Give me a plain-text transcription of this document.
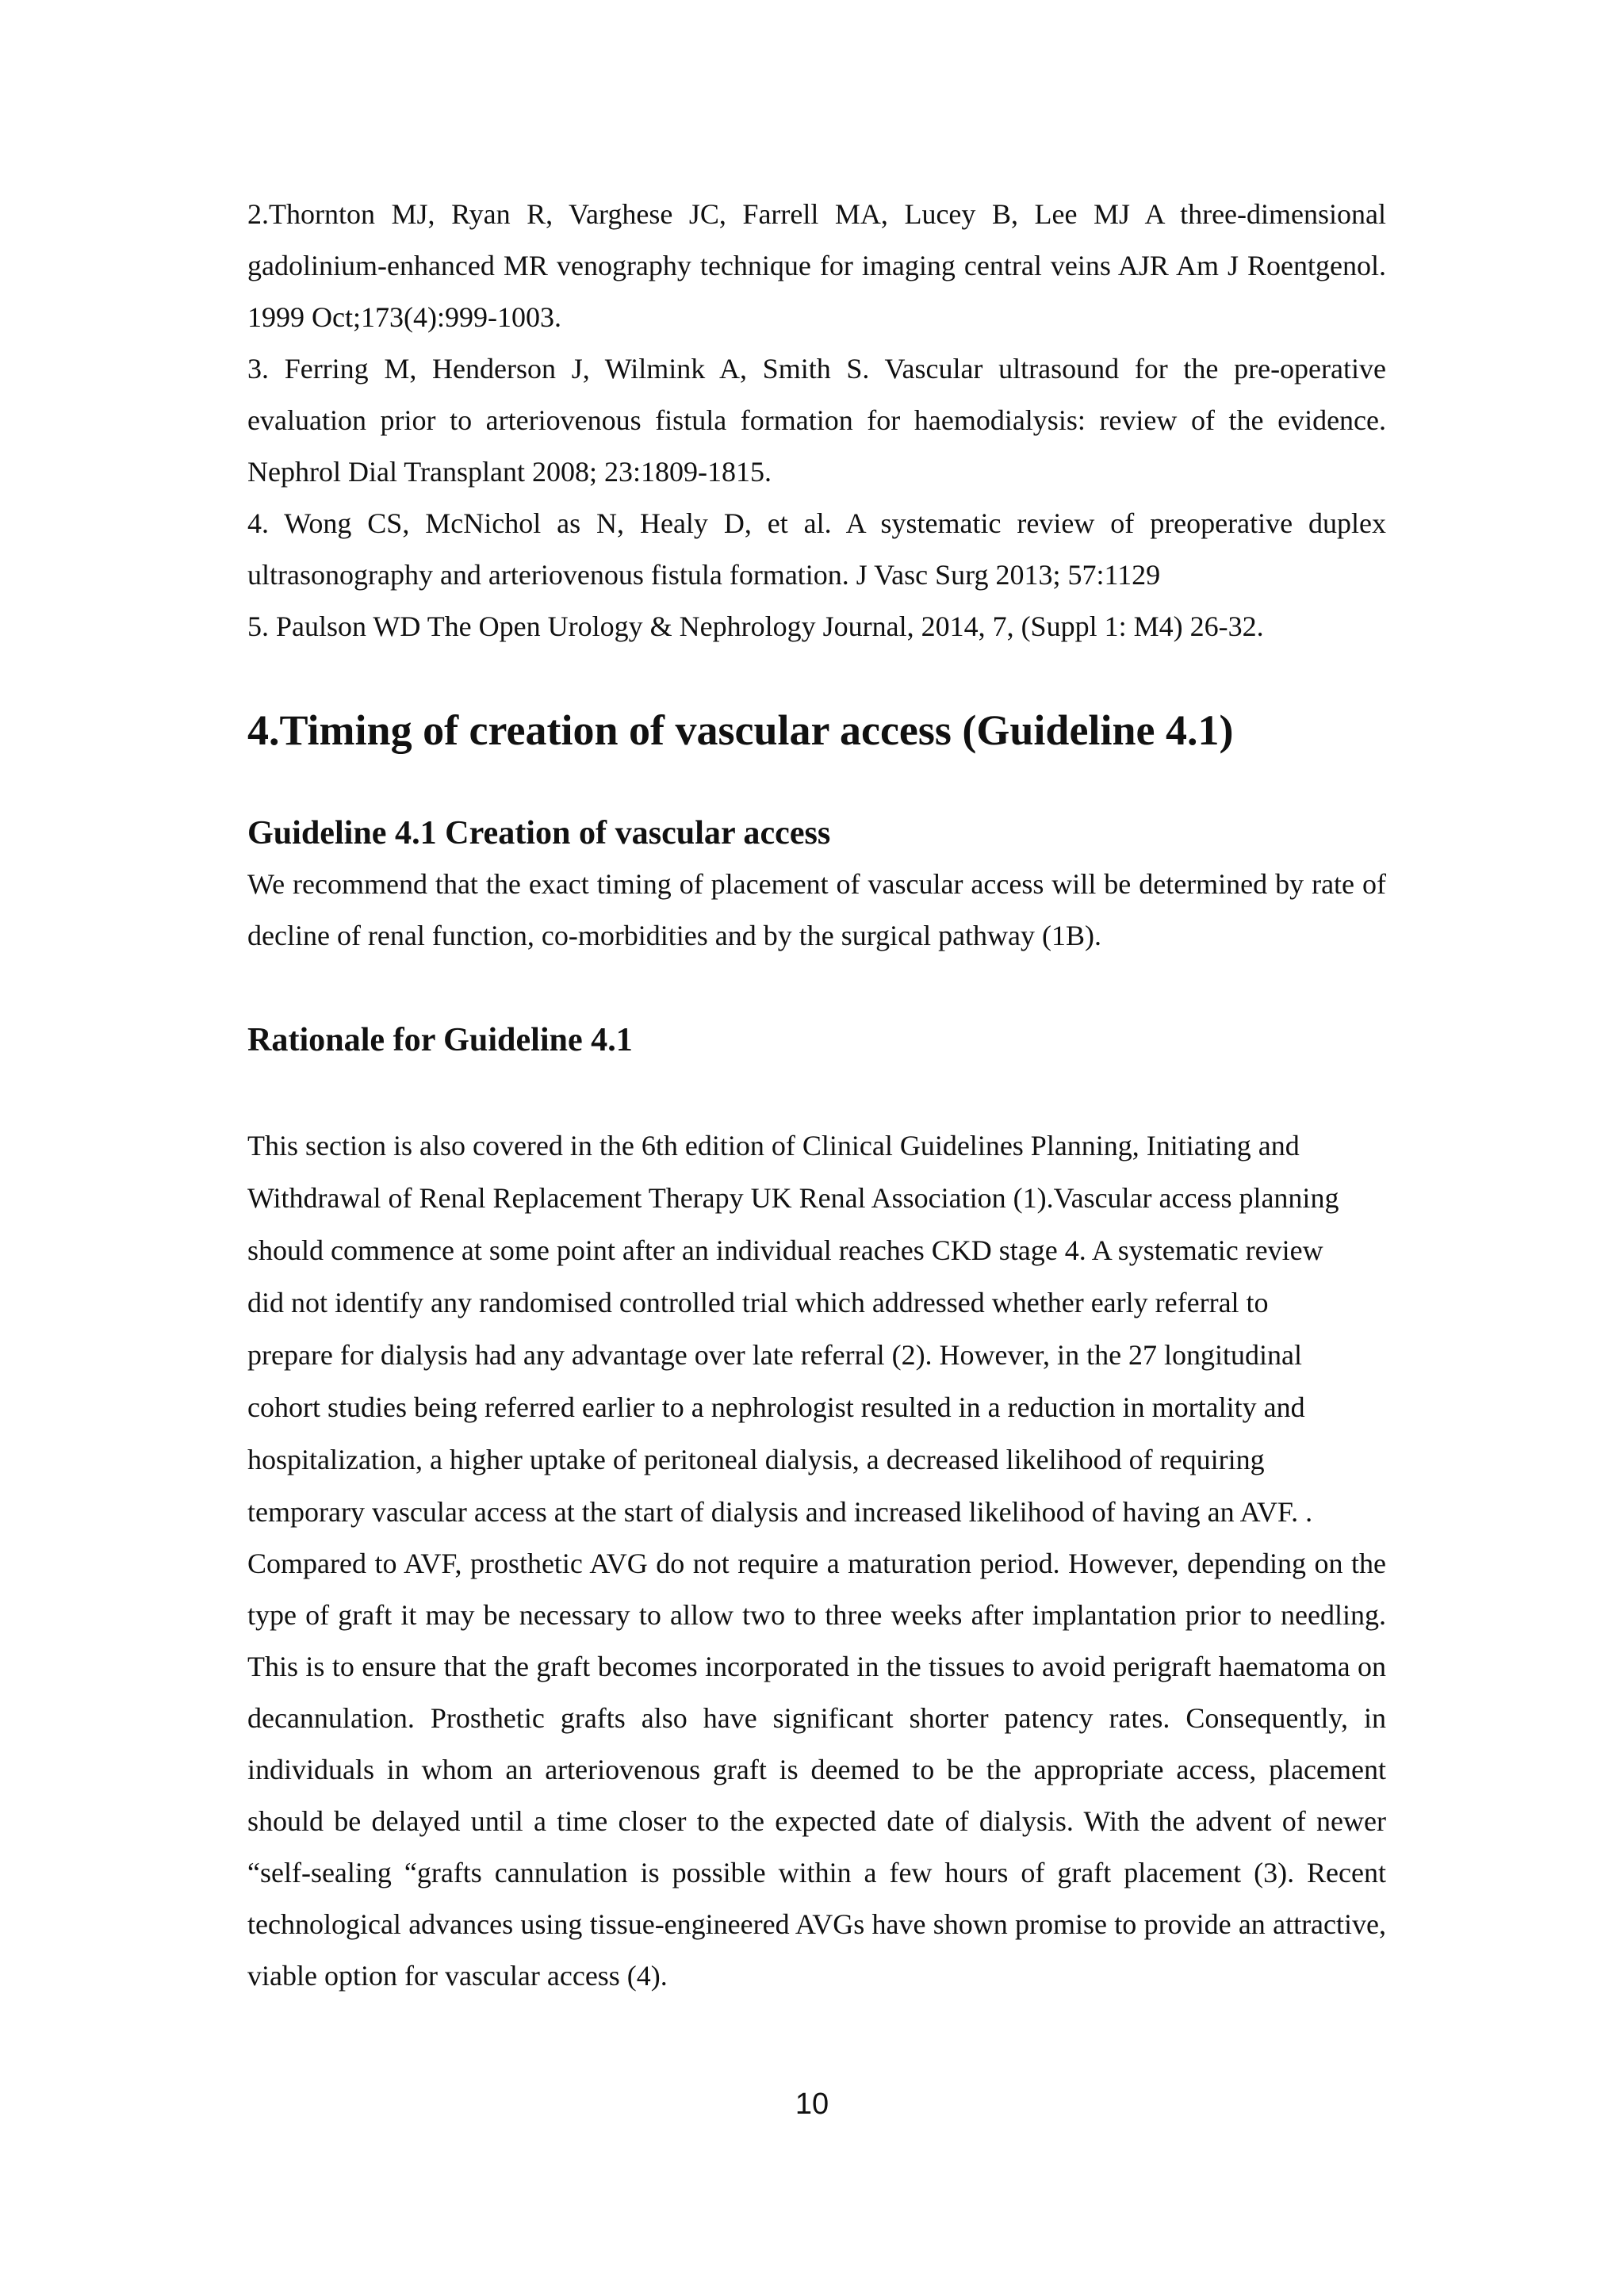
2.Thornton MJ, Ryan R, Varghese JC, Farrell MA, Lucey B, Lee MJ A three-dimensional gadolinium-enhanced MR venography technique for imaging central veins AJR Am J Roentgenol. 1999 Oct;173(4):999-1003.

3. Ferring M, Henderson J, Wilmink A, Smith S. Vascular ultrasound for the pre-operative evaluation prior to arteriovenous fistula formation for haemodialysis: review of the evidence. Nephrol Dial Transplant 2008; 23:1809-1815.

4. Wong CS, McNichol as N, Healy D, et al. A systematic review of preoperative duplex ultrasonography and arteriovenous fistula formation. J Vasc Surg 2013; 57:1129

5. Paulson WD The Open Urology & Nephrology Journal, 2014, 7, (Suppl 1: M4) 26-32.

4.Timing of creation of vascular access (Guideline 4.1)
Guideline 4.1 Creation of vascular access

We recommend that the exact timing of placement of vascular access will be determined by rate of decline of renal function, co-morbidities and by the surgical pathway (1B).

Rationale for Guideline 4.1

This section is also covered in the 6th edition of Clinical Guidelines Planning, Initiating and Withdrawal of Renal Replacement Therapy UK Renal Association (1).Vascular access planning should commence at some point after an individual reaches CKD stage 4. A systematic review did not identify any randomised controlled trial which addressed whether early referral to prepare for dialysis had any advantage over late referral (2). However, in the 27 longitudinal cohort studies being referred earlier to a nephrologist resulted in a reduction in mortality and hospitalization, a higher uptake of peritoneal dialysis, a decreased likelihood of requiring temporary vascular access at the start of dialysis and increased likelihood of having an AVF. .

Compared to AVF, prosthetic AVG do not require a maturation period. However, depending on the type of graft it may be necessary to allow two to three weeks after implantation prior to needling. This is to ensure that the graft becomes incorporated in the tissues to avoid perigraft haematoma on decannulation. Prosthetic grafts also have significant shorter patency rates. Consequently, in individuals in whom an arteriovenous graft is deemed to be the appropriate access, placement should be delayed until a time closer to the expected date of dialysis. With the advent of newer “self-sealing “grafts cannulation is possible within a few hours of graft placement (3). Recent technological advances using tissue-engineered AVGs have shown promise to provide an attractive, viable option for vascular access (4).

10
